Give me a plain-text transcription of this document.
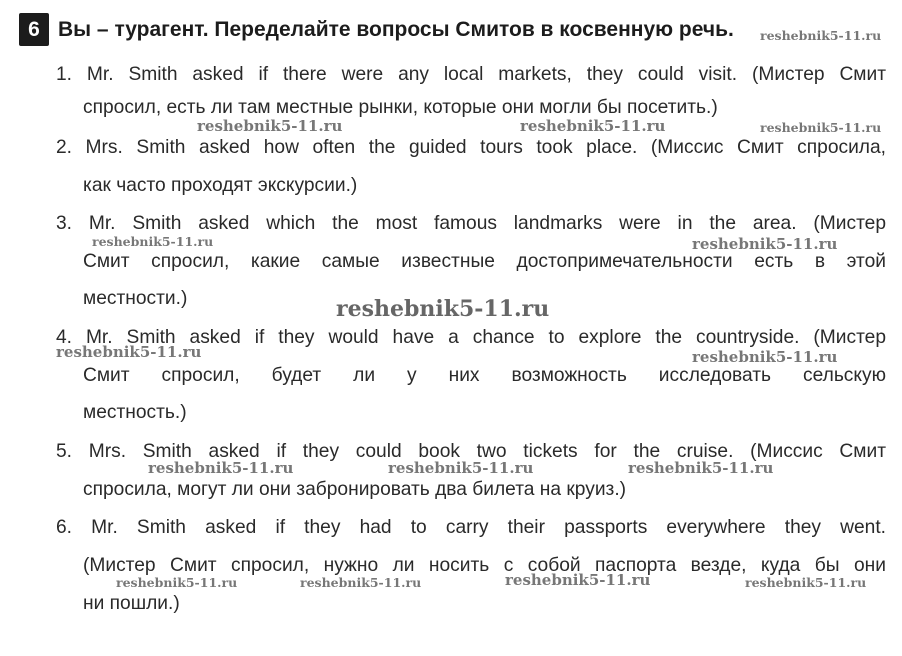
6 Вы – турагент. Переделайте вопросы Смитов в косвенную речь.
1. Mr. Smith asked if there were any local markets, they could visit. (Мистер Смит
спросил, есть ли там местные рынки, которые они могли бы посетить.)
2. Mrs. Smith asked how often the guided tours took place. (Миссис Смит спросила,
как часто проходят экскурсии.)
3. Mr. Smith asked which the most famous landmarks were in the area. (Мистер
Смит спросил, какие самые известные достопримечательности есть в этой
местности.)
4. Mr. Smith asked if they would have a chance to explore the countryside. (Мистер
Смит спросил, будет ли у них возможность исследовать сельскую
местность.)
5. Mrs. Smith asked if they could book two tickets for the cruise. (Миссис Смит
спросила, могут ли они забронировать два билета на круиз.)
6. Mr. Smith asked if they had to carry their passports everywhere they went.
(Мистер Смит спросил, нужно ли носить с собой паспорта везде, куда бы они
ни пошли.)
reshebnik5-11.ru
reshebnik5-11.ru	reshebnik5-11.ru	reshebnik5-11.ru
reshebnik5-11.ru	reshebnik5-11.ru
reshebnik5-11.ru
reshebnik5-11.ru	reshebnik5-11.ru
reshebnik5-11.ru	reshebnik5-11.ru	reshebnik5-11.ru
reshebnik5-11.ru	reshebnik5-11.ru	reshebnik5-11.ru	reshebnik5-11.ru
